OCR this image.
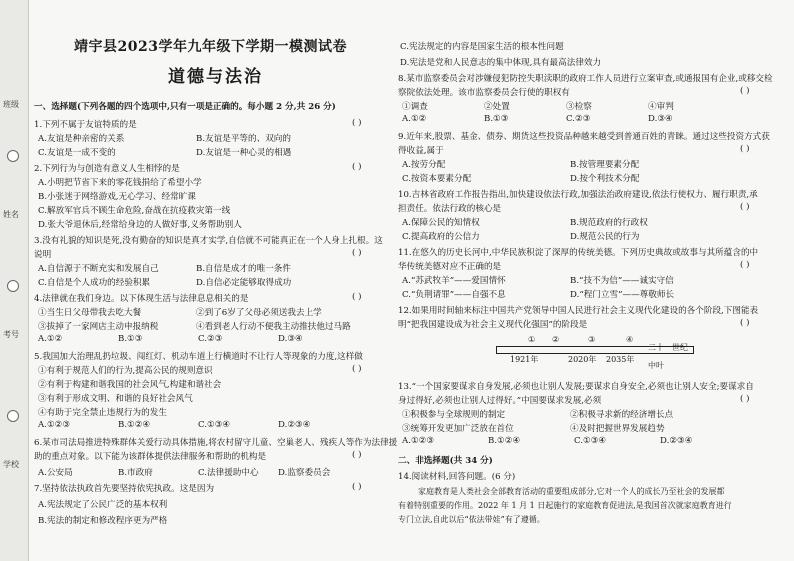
班级
姓名
考号
学校
靖宇县2023学年九年级下学期一模测试卷
道德与法治
一、选择题(下列各题的四个选项中,只有一项是正确的。每小题 2 分,共 26 分)
1.下列不属于友谊特质的是	( )
A.友谊是种亲密的关系	B.友谊是平等的、双向的
C.友谊是一成不变的	D.友谊是一种心灵的相遇
2.下列行为与创造有意义人生相悖的是	( )
A.小明把节省下来的零花钱捐给了希望小学
B.小张迷于网络游戏,无心学习、经常旷课
C.解放军官兵不顾生命危险,奋战在抗疫救灾第一线
D.张大爷退休后,经常给身边的人做好事,义务帮助别人
3.没有礼貌的知识是死,没有勤奋的知识是真才实学,自信就不可能真正在一个人身上扎根。这
说明	( )
A.自信源于不断充实和发展自己	B.自信是成才的唯一条件
C.自信是个人成功的经验积累	D.自信必定能够取得成功
4.法律就在我们身边。以下体现生活与法律息息相关的是	( )
①当生日父母带我去吃大餐	②到了6岁了父母必须送我去上学
③拔掉了一家网店主动申报纳税	④看到老人行动不便我主动推扶他过马路
A.①②	B.①③	C.②③	D.③④
5.我国加大治理乱扔垃圾、闯红灯、机动车道上行横道时不让行人等现象的力度,这样做
( )
①有利于规范人们的行为,提高公民的规则意识
②有利于构建和谐我国的社会风气,构建和谐社会
③有利于形成文明、和谐的良好社会风气
④有助于完全禁止违规行为的发生
A.①②③	B.①②④	C.①③④	D.②③④
6.某市司法局推进特殊群体关爱行动具体措施,将农村留守儿童、空巢老人、残疾人等作为法律援
助的重点对象。以下能为该群体提供法律服务和帮助的机构是	( )
A.公安局	B.市政府	C.法律援助中心 D.监察委员会
7.坚持依法执政首先要坚持依宪执政。这是因为	( )
A.宪法规定了公民广泛的基本权利
B.宪法的制定和修改程序更为严格
C.宪法规定的内容是国家生活的根本性问题
D.宪法是党和人民意志的集中体现,具有最高法律效力
8.某市监察委员会对涉嫌侵犯防控失职渎职的政府工作人员进行立案审查,或通报国有企业,或移交检
察院依法处理。该市监察委员会行使的职权有	( )
①调查	②处置	③检察	④审判
A.①②	B.①③	C.②③	D.③④
9.近年来,股票、基金、债券、期货这些投资品种越来越受到普通百姓的青睐。通过这些投资方式获
得收益,属于	( )
A.按劳分配	B.按管理要素分配
C.按资本要素分配	D.按个利技术分配
10.吉林省政府工作报告指出,加快建设依法行政,加强法治政府建设,依法行使权力、履行职责,承
担责任。依法行政的核心是	( )
A.保障公民的知情权	B.规范政府的行政权
C.提高政府的公信力	D.规范公民的行为
11.在悠久的历史长河中,中华民族积淀了深厚的传统美德。下列历史典故或故事与其所蕴含的中
华传统美德对应不正确的是	( )
A.“苏武牧羊”——爱国情怀	B.“技不为信”——诚实守信
C.“负荆请罪”——自强不息	D.“程门立雪”——尊敬师长
12.如果用时间轴来标注中国共产党领导中国人民进行社会主义现代化建设的各个阶段,下图能表
明“把我国建设成为社会主义现代化强国”的阶段是	( )
① ②	③	④
1921年	2020年 2035年
二十一世纪
中叶
13.“一个国家要谋求自身发展,必须也让别人发展;要谋求自身安全,必须也让别人安全;要谋求自
身过得好,必须也让别人过得好。”中国要谋求发展,必须	( )
①积极参与全球规则的制定	②积极寻求新的经济增长点
③统筹开发更加广泛放在首位	④及时把握世界发展趋势
A.①②③	B.①②④	C.①③④	D.②③④
二、非选择题(共 34 分)
14.阅读材料,回答问题。(6 分)
家庭教育是人类社会全部教育活动的重要组成部分,它对一个人的成长乃至社会的发展都
有着特别重要的作用。2022 年 1 月 1 日起施行的家庭教育促进法,是我国首次就家庭教育进行
专门立法,自此以后“依法带娃”有了遵循。
